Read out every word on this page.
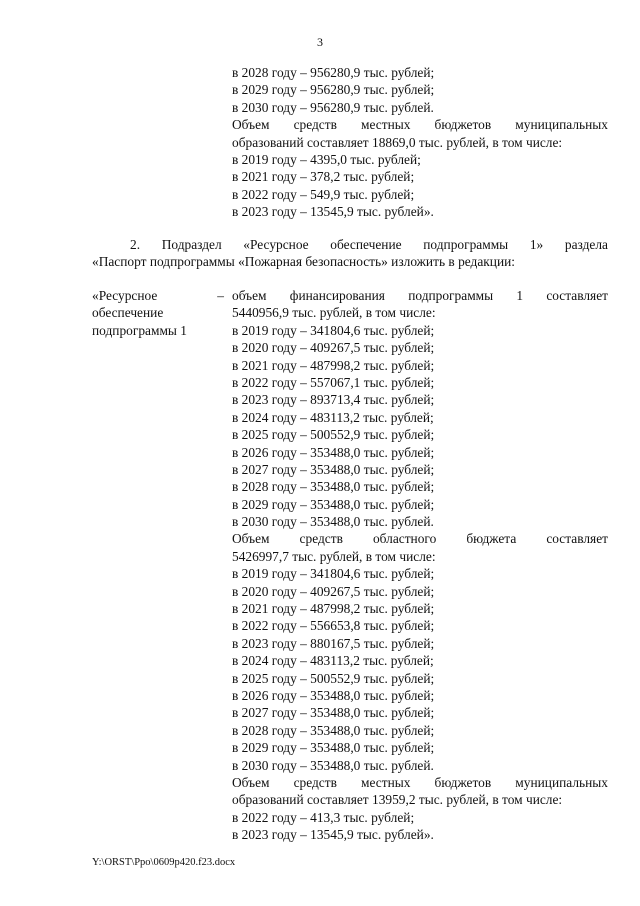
3
в 2028 году – 956280,9 тыс. рублей;
в 2029 году – 956280,9 тыс. рублей;
в 2030 году – 956280,9 тыс. рублей.
Объем средств местных бюджетов муниципальных
образований составляет 18869,0 тыс. рублей, в том числе:
в 2019 году – 4395,0 тыс. рублей;
в 2021 году – 378,2 тыс. рублей;
в 2022 году – 549,9 тыс. рублей;
в 2023 году – 13545,9 тыс. рублей».
2. Подраздел «Ресурсное обеспечение подпрограммы 1» раздела
«Паспорт подпрограммы «Пожарная безопасность» изложить в редакции:
«Ресурсное
обеспечение
подпрограммы 1
– объем финансирования подпрограммы 1 составляет
5440956,9 тыс. рублей, в том числе:
в 2019 году – 341804,6 тыс. рублей;
в 2020 году – 409267,5 тыс. рублей;
в 2021 году – 487998,2 тыс. рублей;
в 2022 году – 557067,1 тыс. рублей;
в 2023 году – 893713,4 тыс. рублей;
в 2024 году – 483113,2 тыс. рублей;
в 2025 году – 500552,9 тыс. рублей;
в 2026 году – 353488,0 тыс. рублей;
в 2027 году – 353488,0 тыс. рублей;
в 2028 году – 353488,0 тыс. рублей;
в 2029 году – 353488,0 тыс. рублей;
в 2030 году – 353488,0 тыс. рублей.
Объем средств областного бюджета составляет
5426997,7 тыс. рублей, в том числе:
в 2019 году – 341804,6 тыс. рублей;
в 2020 году – 409267,5 тыс. рублей;
в 2021 году – 487998,2 тыс. рублей;
в 2022 году – 556653,8 тыс. рублей;
в 2023 году – 880167,5 тыс. рублей;
в 2024 году – 483113,2 тыс. рублей;
в 2025 году – 500552,9 тыс. рублей;
в 2026 году – 353488,0 тыс. рублей;
в 2027 году – 353488,0 тыс. рублей;
в 2028 году – 353488,0 тыс. рублей;
в 2029 году – 353488,0 тыс. рублей;
в 2030 году – 353488,0 тыс. рублей.
Объем средств местных бюджетов муниципальных
образований составляет 13959,2 тыс. рублей, в том числе:
в 2022 году – 413,3 тыс. рублей;
в 2023 году – 13545,9 тыс. рублей».
Y:\ORST\Ppo\0609p420.f23.docx
